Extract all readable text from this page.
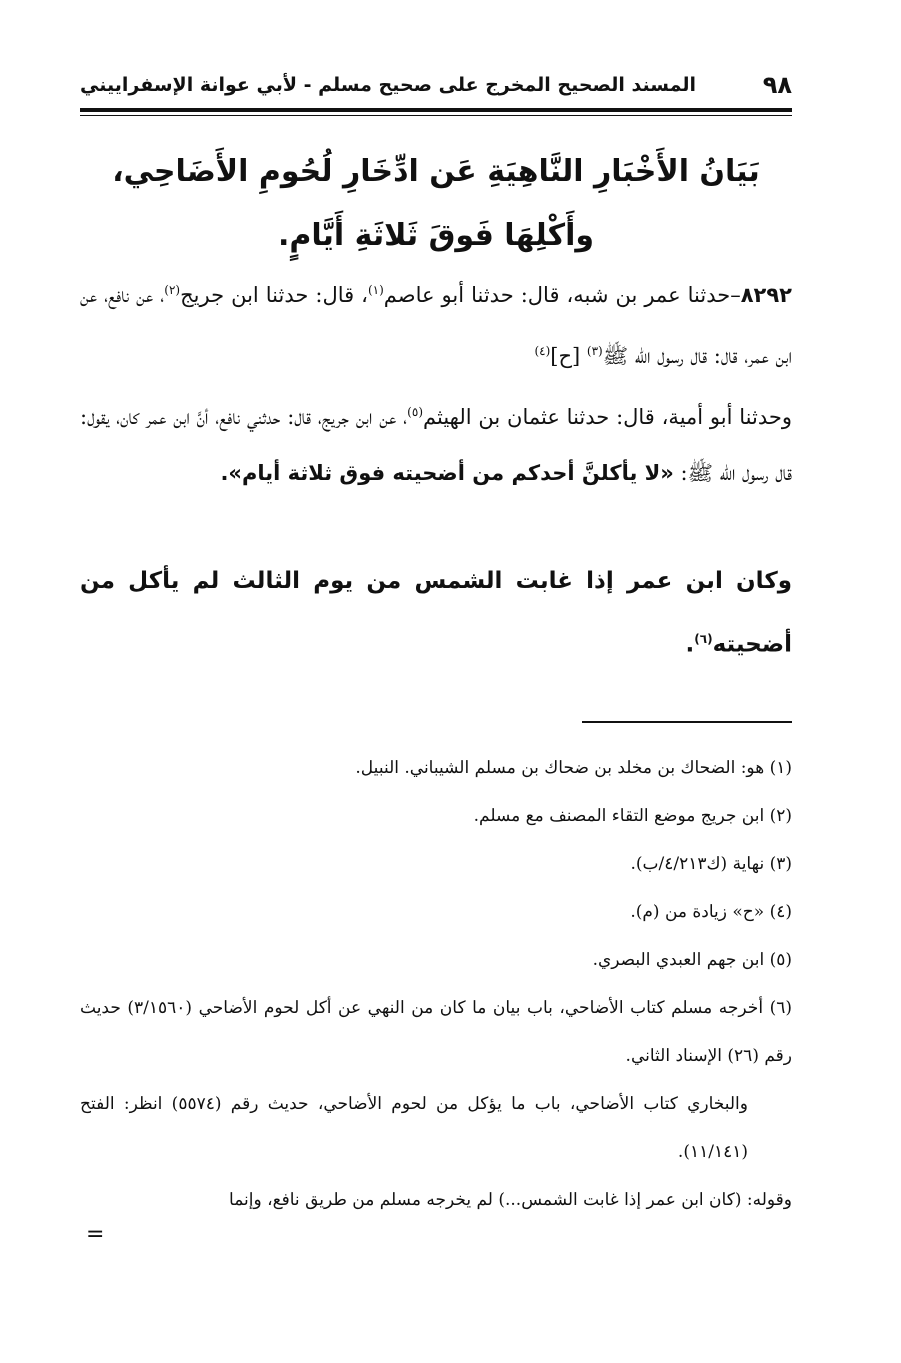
٩٨
المسند الصحيح المخرج على صحيح مسلم - لأبي عوانة الإسفراييني
بَيَانُ الأَخْبَارِ النَّاهِيَةِ عَن ادِّخَارِ لُحُومِ الأَضَاحِي، وأَكْلِهَا فَوقَ ثَلاثَةِ أَيَّامٍ.
٨٢٩٢–حدثنا عمر بن شبه، قال: حدثنا أبو عاصم$^{(١)}$، قال: حدثنا ابن جريج$^{(٢)}$، عن نافع، عن ابن عمر، قال: قال رسول الله ﷺ$^{(٣)}$ [ح]$^{(٤)}$
وحدثنا أبو أمية، قال: حدثنا عثمان بن الهيثم$^{(٥)}$، عن ابن جريج، قال: حدثني نافع، أنَّ ابن عمر كان، يقول: قال رسول الله ﷺ: «لا يأكلنَّ أحدكم من أضحيته فوق ثلاثة أيام».
وكان ابن عمر إذا غابت الشمس من يوم الثالث لم يأكل من أضحيته$^{(٦)}$.

(١) هو: الضحاك بن مخلد بن ضحاك بن مسلم الشيباني. النبيل.

(٢) ابن جريج موضع التقاء المصنف مع مسلم.

(٣) نهاية (ك٤/٢١٣/ب).

(٤) «ح» زيادة من (م).

(٥) ابن جهم العبدي البصري.

(٦) أخرجه مسلم كتاب الأضاحي، باب بيان ما كان من النهي عن أكل لحوم الأضاحي (٣/١٥٦٠) حديث رقم (٢٦) الإسناد الثاني.

والبخاري كتاب الأضاحي، باب ما يؤكل من لحوم الأضاحي، حديث رقم (٥٥٧٤) انظر: الفتح (١١/١٤١).

وقوله: (كان ابن عمر إذا غابت الشمس...) لم يخرجه مسلم من طريق نافع، وإنما

=
